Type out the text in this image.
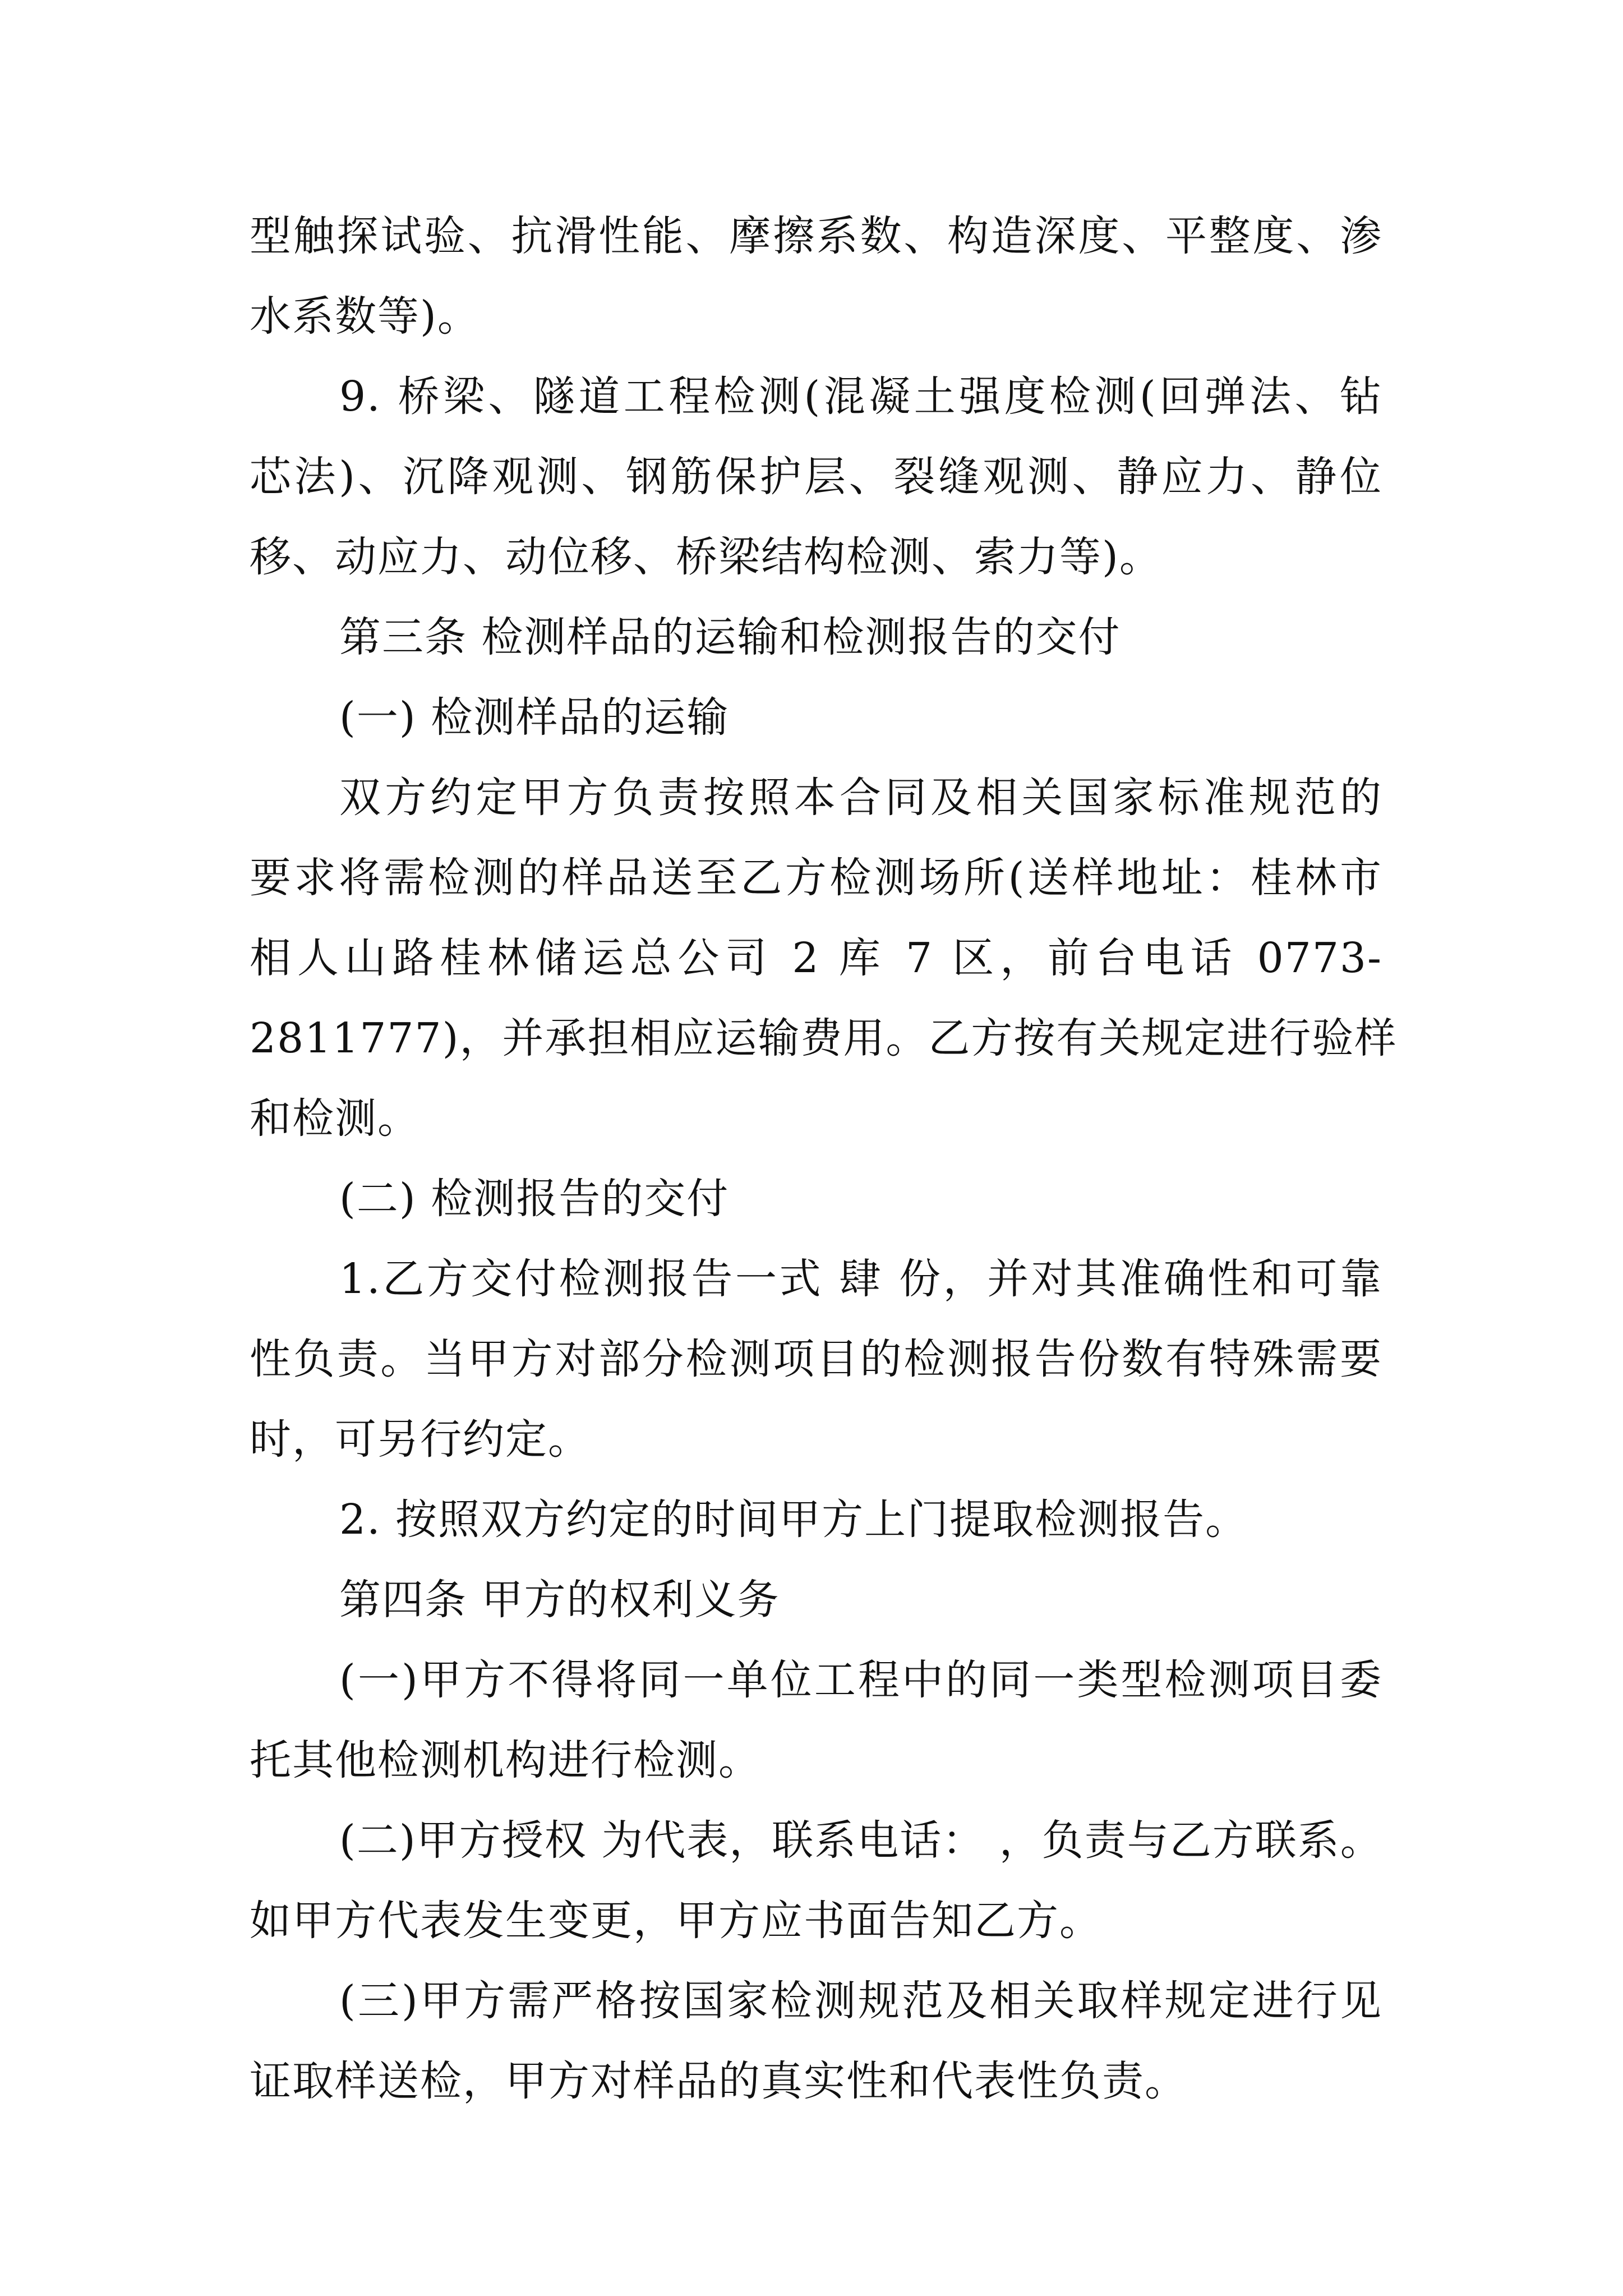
型触探试验、抗滑性能、摩擦系数、构造深度、平整度、渗
水系数等)。
9. 桥梁、隧道工程检测(混凝土强度检测(回弹法、钻
芯法)、沉降观测、钢筋保护层、裂缝观测、静应力、静位
移、动应力、动位移、桥梁结构检测、索力等)。
第三条 检测样品的运输和检测报告的交付
(一) 检测样品的运输
双方约定甲方负责按照本合同及相关国家标准规范的
要求将需检测的样品送至乙方检测场所(送样地址：桂林市
相人山路桂林储运总公司 2 库 7 区，前台电话 0773-
2811777)，并承担相应运输费用。乙方按有关规定进行验样
和检测。
(二) 检测报告的交付
1.乙方交付检测报告一式 肆 份，并对其准确性和可靠
性负责。当甲方对部分检测项目的检测报告份数有特殊需要
时，可另行约定。
2. 按照双方约定的时间甲方上门提取检测报告。
第四条 甲方的权利义务
(一)甲方不得将同一单位工程中的同一类型检测项目委
托其他检测机构进行检测。
(二)甲方授权 为代表，联系电话： ，负责与乙方联系。
如甲方代表发生变更，甲方应书面告知乙方。
(三)甲方需严格按国家检测规范及相关取样规定进行见
证取样送检，甲方对样品的真实性和代表性负责。
